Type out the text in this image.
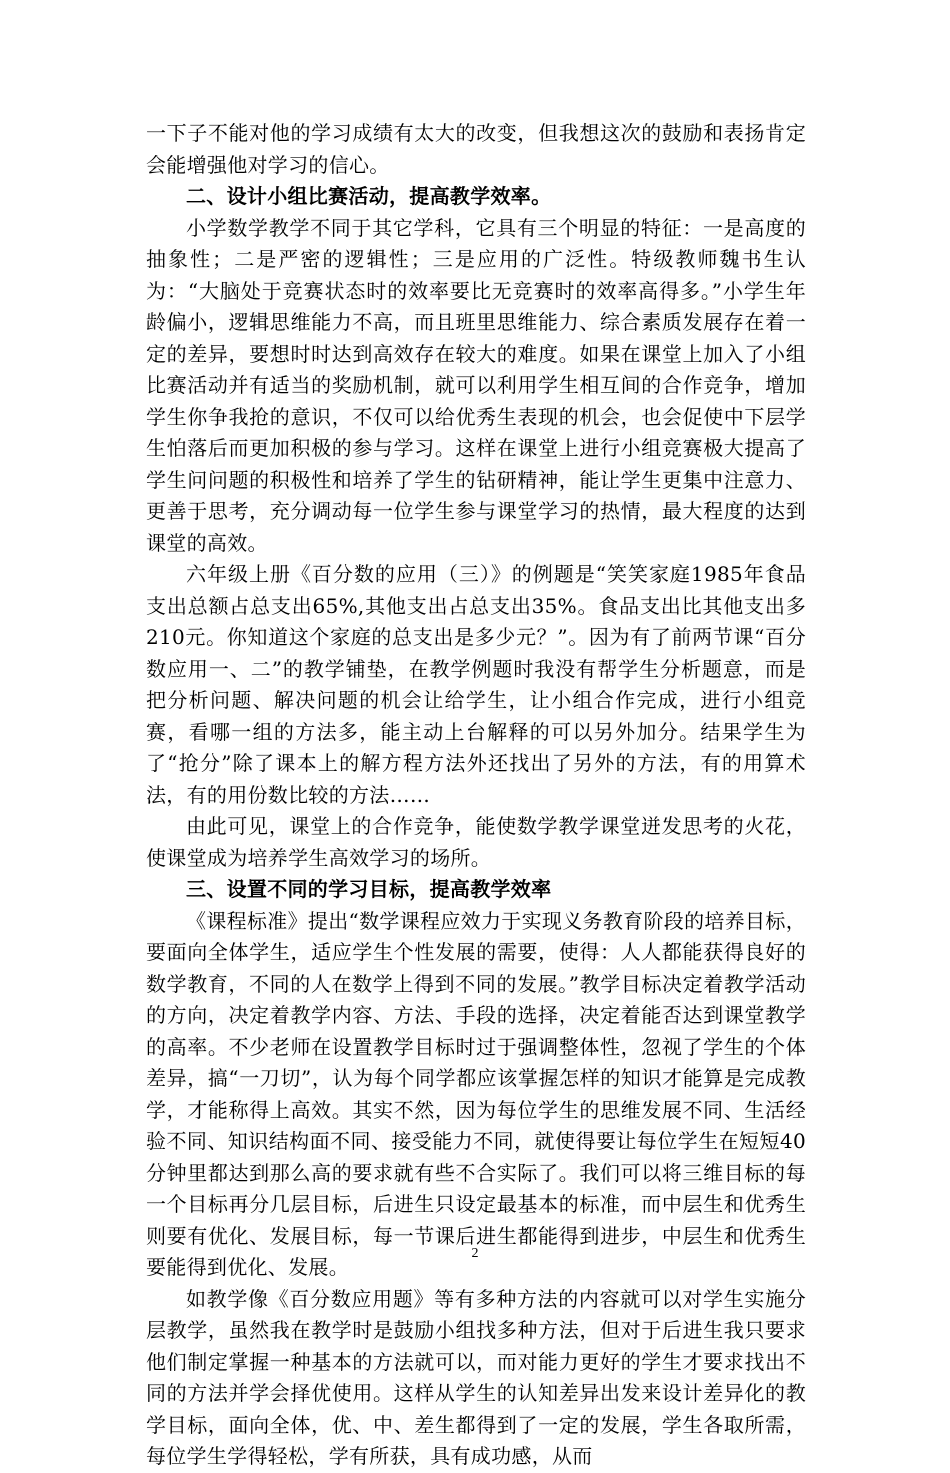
一下子不能对他的学习成绩有太大的改变，但我想这次的鼓励和表扬肯定会能增强他对学习的信心。

二、设计小组比赛活动，提高教学效率。

小学数学教学不同于其它学科，它具有三个明显的特征：一是高度的抽象性；二是严密的逻辑性；三是应用的广泛性。特级教师魏书生认为：“大脑处于竞赛状态时的效率要比无竞赛时的效率高得多。”小学生年龄偏小，逻辑思维能力不高，而且班里思维能力、综合素质发展存在着一定的差异，要想时时达到高效存在较大的难度。如果在课堂上加入了小组比赛活动并有适当的奖励机制，就可以利用学生相互间的合作竞争，增加学生你争我抢的意识，不仅可以给优秀生表现的机会，也会促使中下层学生怕落后而更加积极的参与学习。这样在课堂上进行小组竞赛极大提高了学生问问题的积极性和培养了学生的钻研精神，能让学生更集中注意力、更善于思考，充分调动每一位学生参与课堂学习的热情，最大程度的达到课堂的高效。

六年级上册《百分数的应用（三）》的例题是“笑笑家庭1985年食品支出总额占总支出65%,其他支出占总支出35%。食品支出比其他支出多210元。你知道这个家庭的总支出是多少元？”。因为有了前两节课“百分数应用一、二”的教学铺垫，在教学例题时我没有帮学生分析题意，而是把分析问题、解决问题的机会让给学生，让小组合作完成，进行小组竞赛，看哪一组的方法多，能主动上台解释的可以另外加分。结果学生为了“抢分”除了课本上的解方程方法外还找出了另外的方法，有的用算术法，有的用份数比较的方法……

由此可见，课堂上的合作竞争，能使数学教学课堂迸发思考的火花，使课堂成为培养学生高效学习的场所。

三、设置不同的学习目标，提高教学效率

《课程标准》提出“数学课程应效力于实现义务教育阶段的培养目标，要面向全体学生，适应学生个性发展的需要，使得：人人都能获得良好的数学教育，不同的人在数学上得到不同的发展。”教学目标决定着教学活动的方向，决定着教学内容、方法、手段的选择，决定着能否达到课堂教学的高率。不少老师在设置教学目标时过于强调整体性，忽视了学生的个体差异，搞“一刀切”，认为每个同学都应该掌握怎样的知识才能算是完成教学，才能称得上高效。其实不然，因为每位学生的思维发展不同、生活经验不同、知识结构面不同、接受能力不同，就使得要让每位学生在短短40分钟里都达到那么高的要求就有些不合实际了。我们可以将三维目标的每一个目标再分几层目标，后进生只设定最基本的标准，而中层生和优秀生则要有优化、发展目标，每一节课后进生都能得到进步，中层生和优秀生要能得到优化、发展。

如教学像《百分数应用题》等有多种方法的内容就可以对学生实施分层教学，虽然我在教学时是鼓励小组找多种方法，但对于后进生我只要求他们制定掌握一种基本的方法就可以，而对能力更好的学生才要求找出不同的方法并学会择优使用。这样从学生的认知差异出发来设计差异化的教学目标，面向全体，优、中、差生都得到了一定的发展，学生各取所需，每位学生学得轻松，学有所获，具有成功感，从而

2
